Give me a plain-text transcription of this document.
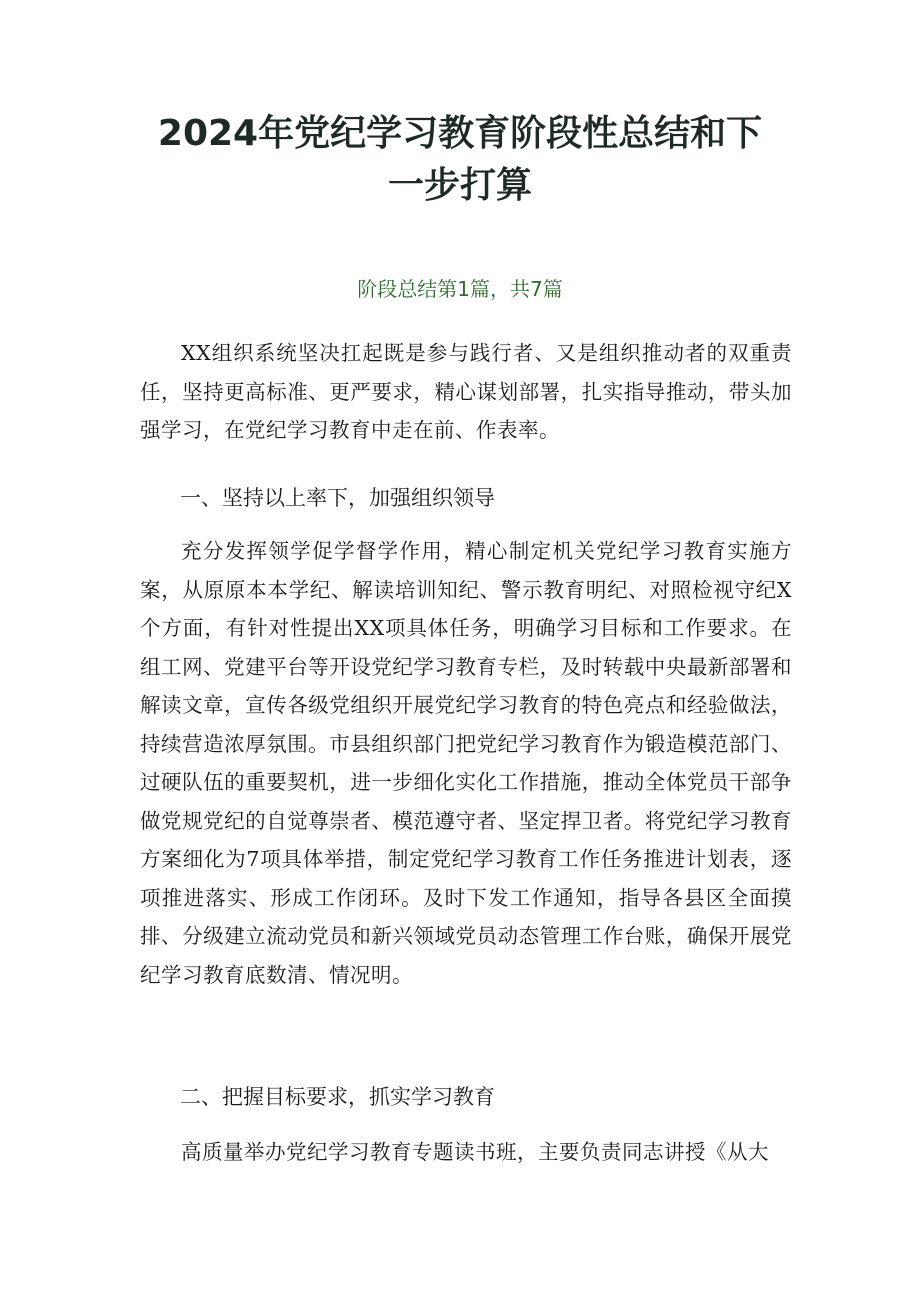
2024年党纪学习教育阶段性总结和下一步打算
阶段总结第1篇，共7篇

XX组织系统坚决扛起既是参与践行者、又是组织推动者的双重责任，坚持更高标准、更严要求，精心谋划部署，扎实指导推动，带头加强学习，在党纪学习教育中走在前、作表率。

一、坚持以上率下，加强组织领导

充分发挥领学促学督学作用，精心制定机关党纪学习教育实施方案，从原原本本学纪、解读培训知纪、警示教育明纪、对照检视守纪X个方面，有针对性提出XX项具体任务，明确学习目标和工作要求。在组工网、党建平台等开设党纪学习教育专栏，及时转载中央最新部署和解读文章，宣传各级党组织开展党纪学习教育的特色亮点和经验做法，持续营造浓厚氛围。市县组织部门把党纪学习教育作为锻造模范部门、过硬队伍的重要契机，进一步细化实化工作措施，推动全体党员干部争做党规党纪的自觉尊崇者、模范遵守者、坚定捍卫者。将党纪学习教育方案细化为7项具体举措，制定党纪学习教育工作任务推进计划表，逐项推进落实、形成工作闭环。及时下发工作通知，指导各县区全面摸排、分级建立流动党员和新兴领域党员动态管理工作台账，确保开展党纪学习教育底数清、情况明。

二、把握目标要求，抓实学习教育

高质量举办党纪学习教育专题读书班，主要负责同志讲授《从大
